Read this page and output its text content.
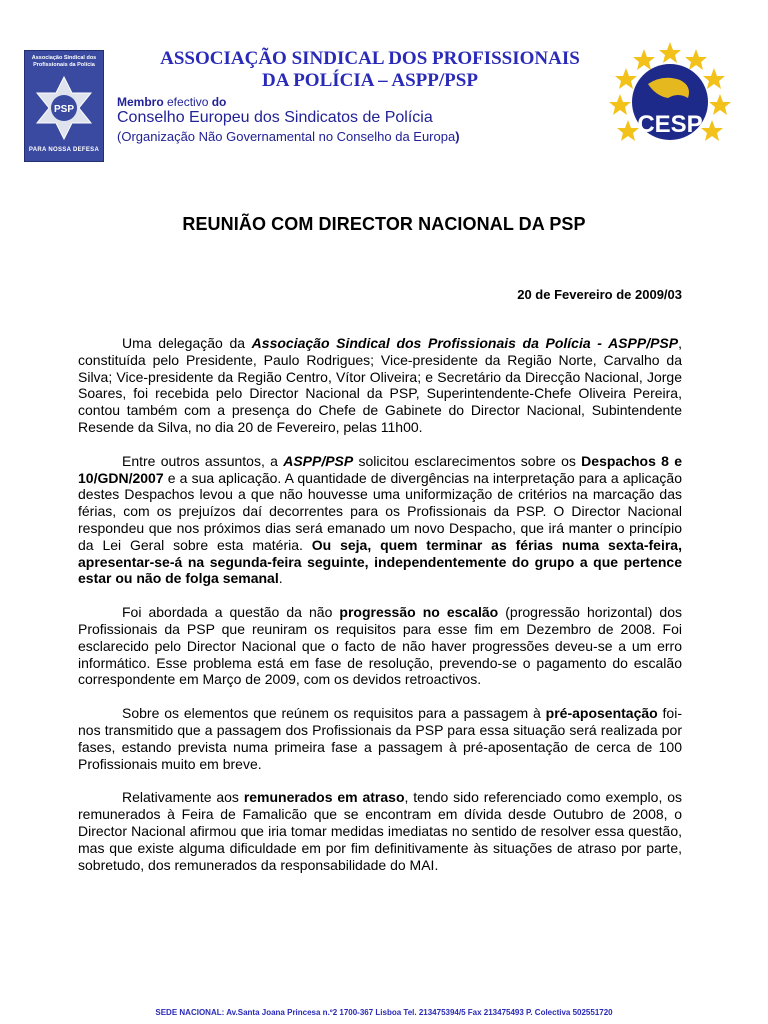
Associação Sindical dos Profissionais da Polícia
PSP
PARA NOSSA DEFESA
ASSOCIAÇÃO SINDICAL DOS PROFISSIONAIS
DA POLÍCIA – ASPP/PSP
Membro efectivo do
Conselho Europeu dos Sindicatos de Polícia
(Organização Não Governamental no Conselho da Europa)	CESP
REUNIÃO COM DIRECTOR NACIONAL DA PSP
20 de Fevereiro de 2009/03

Uma delegação da Associação Sindical dos Profissionais da Polícia - ASPP/PSP, constituída pelo Presidente, Paulo Rodrigues; Vice-presidente da Região Norte, Carvalho da Silva; Vice-presidente da Região Centro, Vítor Oliveira; e Secretário da Direcção Nacional, Jorge Soares, foi recebida pelo Director Nacional da PSP, Superintendente-Chefe Oliveira Pereira, contou também com a presença do Chefe de Gabinete do Director Nacional, Subintendente Resende da Silva, no dia 20 de Fevereiro, pelas 11h00.

Entre outros assuntos, a ASPP/PSP solicitou esclarecimentos sobre os Despachos 8 e 10/GDN/2007 e a sua aplicação. A quantidade de divergências na interpretação para a aplicação destes Despachos levou a que não houvesse uma uniformização de critérios na marcação das férias, com os prejuízos daí decorrentes para os Profissionais da PSP. O Director Nacional respondeu que nos próximos dias será emanado um novo Despacho, que irá manter o princípio da Lei Geral sobre esta matéria. Ou seja, quem terminar as férias numa sexta-feira, apresentar-se-á na segunda-feira seguinte, independentemente do grupo a que pertence estar ou não de folga semanal.

Foi abordada a questão da não progressão no escalão (progressão horizontal) dos Profissionais da PSP que reuniram os requisitos para esse fim em Dezembro de 2008. Foi esclarecido pelo Director Nacional que o facto de não haver progressões deveu-se a um erro informático. Esse problema está em fase de resolução, prevendo-se o pagamento do escalão correspondente em Março de 2009, com os devidos retroactivos.

Sobre os elementos que reúnem os requisitos para a passagem à pré-aposentação foi-nos transmitido que a passagem dos Profissionais da PSP para essa situação será realizada por fases, estando prevista numa primeira fase a passagem à pré-aposentação de cerca de 100 Profissionais muito em breve.

Relativamente aos remunerados em atraso, tendo sido referenciado como exemplo, os remunerados à Feira de Famalicão que se encontram em dívida desde Outubro de 2008, o Director Nacional afirmou que iria tomar medidas imediatas no sentido de resolver essa questão, mas que existe alguma dificuldade em por fim definitivamente às situações de atraso por parte, sobretudo, dos remunerados da responsabilidade do MAI.

SEDE NACIONAL: Av.Santa Joana Princesa n.º2 1700-367 Lisboa Tel. 213475394/5 Fax 213475493 P. Colectiva 502551720
